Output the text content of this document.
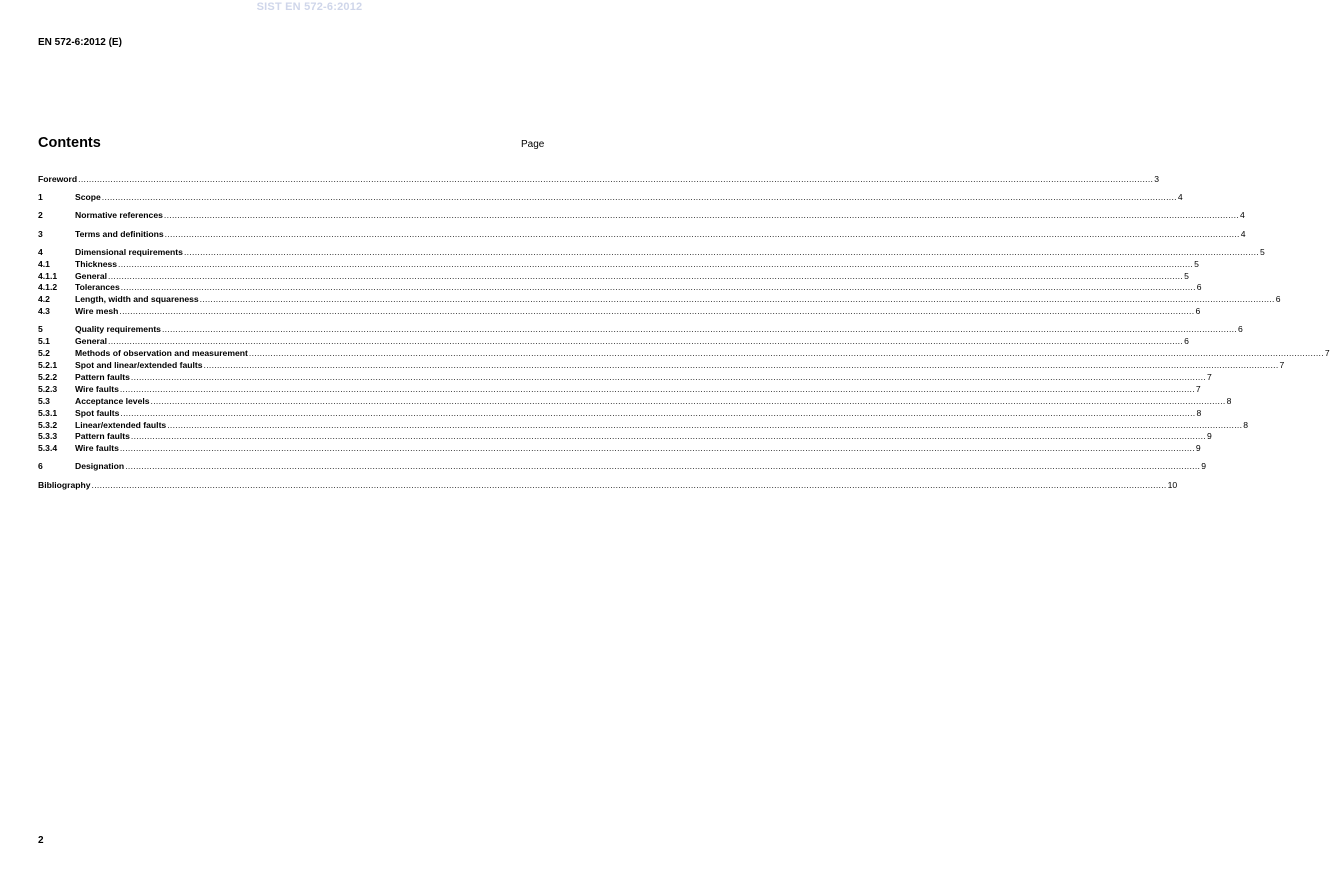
SIST EN 572-6:2012
EN 572-6:2012 (E)
Contents	Page
Foreword ................................................................................................................................................................................................................................................................................................................................................................................................................ 3
1	Scope ................................................................................................................................................................................................................................................................................................................................................................................................................ 4
2	Normative references ................................................................................................................................................................................................................................................................................................................................................................................................................ 4
3	Terms and definitions ................................................................................................................................................................................................................................................................................................................................................................................................................ 4
4	Dimensional requirements ................................................................................................................................................................................................................................................................................................................................................................................................................ 5
4.1	Thickness ................................................................................................................................................................................................................................................................................................................................................................................................................ 5
4.1.1	General ................................................................................................................................................................................................................................................................................................................................................................................................................ 5
4.1.2	Tolerances ................................................................................................................................................................................................................................................................................................................................................................................................................ 6
4.2	Length, width and squareness ................................................................................................................................................................................................................................................................................................................................................................................................................ 6
4.3	Wire mesh ................................................................................................................................................................................................................................................................................................................................................................................................................ 6
5	Quality requirements ................................................................................................................................................................................................................................................................................................................................................................................................................ 6
5.1	General ................................................................................................................................................................................................................................................................................................................................................................................................................ 6
5.2	Methods of observation and measurement ................................................................................................................................................................................................................................................................................................................................................................................................................ 7
5.2.1	Spot and linear/extended faults ................................................................................................................................................................................................................................................................................................................................................................................................................ 7
5.2.2	Pattern faults ................................................................................................................................................................................................................................................................................................................................................................................................................ 7
5.2.3	Wire faults ................................................................................................................................................................................................................................................................................................................................................................................................................ 7
5.3	Acceptance levels ................................................................................................................................................................................................................................................................................................................................................................................................................ 8
5.3.1	Spot faults ................................................................................................................................................................................................................................................................................................................................................................................................................ 8
5.3.2	Linear/extended faults ................................................................................................................................................................................................................................................................................................................................................................................................................ 8
5.3.3	Pattern faults ................................................................................................................................................................................................................................................................................................................................................................................................................ 9
5.3.4	Wire faults ................................................................................................................................................................................................................................................................................................................................................................................................................ 9
6	Designation ................................................................................................................................................................................................................................................................................................................................................................................................................ 9
Bibliography ................................................................................................................................................................................................................................................................................................................................................................................................................ 10
2
